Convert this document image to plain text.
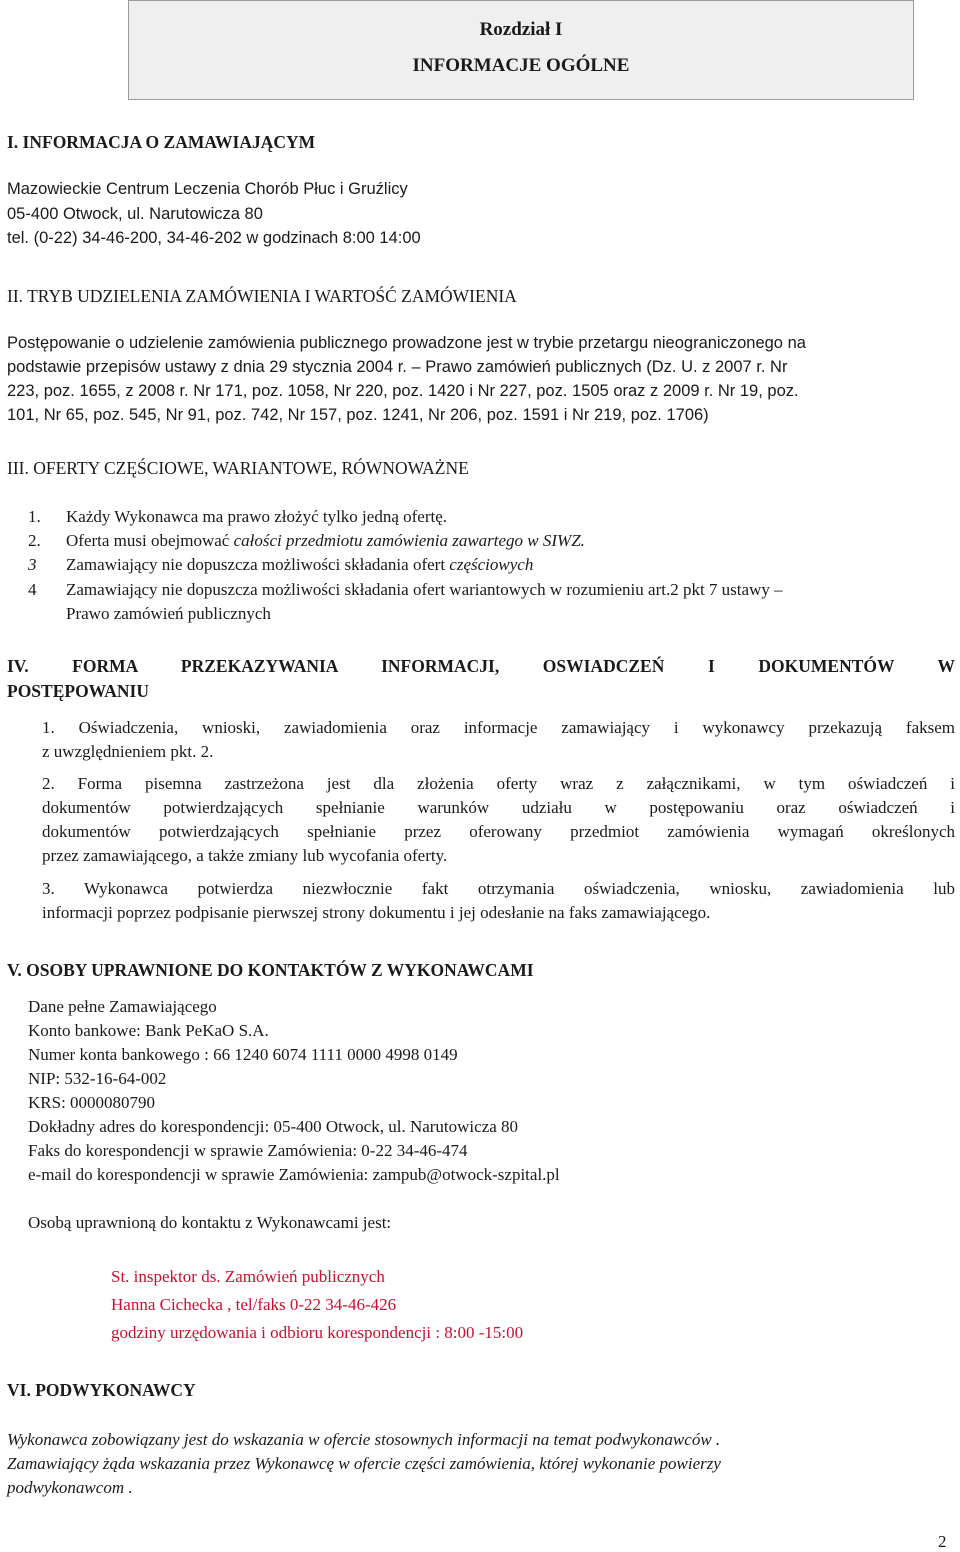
Rozdział I
INFORMACJE OGÓLNE
I. INFORMACJA O ZAMAWIAJĄCYM
Mazowieckie Centrum Leczenia Chorób Płuc i Gruźlicy
05-400 Otwock, ul. Narutowicza 80
tel. (0-22) 34-46-200, 34-46-202 w godzinach 8:00 14:00
II. TRYB UDZIELENIA ZAMÓWIENIA I WARTOŚĆ ZAMÓWIENIA
Postępowanie o udzielenie zamówienia publicznego prowadzone jest w trybie przetargu nieograniczonego na
podstawie przepisów ustawy z dnia 29 stycznia 2004 r. – Prawo zamówień publicznych (Dz. U. z 2007 r. Nr
223, poz. 1655, z 2008 r. Nr 171, poz. 1058, Nr 220, poz. 1420 i Nr 227, poz. 1505 oraz z 2009 r. Nr 19, poz.
101, Nr 65, poz. 545, Nr 91, poz. 742, Nr 157, poz. 1241, Nr 206, poz. 1591 i Nr 219, poz. 1706)
III. OFERTY CZĘŚCIOWE, WARIANTOWE, RÓWNOWAŻNE
1. Każdy Wykonawca ma prawo złożyć tylko jedną ofertę.
2. Oferta musi obejmować całości przedmiotu zamówienia zawartego w SIWZ.
3 Zamawiający nie dopuszcza możliwości składania ofert częściowych
4 Zamawiający nie dopuszcza możliwości składania ofert wariantowych w rozumieniu art.2 pkt 7 ustawy –
Prawo zamówień publicznych
IV. FORMA PRZEKAZYWANIA INFORMACJI, OSWIADCZEŃ I DOKUMENTÓW W
POSTĘPOWANIU
1. Oświadczenia, wnioski, zawiadomienia oraz informacje zamawiający i wykonawcy przekazują faksem
z uwzględnieniem pkt. 2.
2. Forma pisemna zastrzeżona jest dla złożenia oferty wraz z załącznikami, w tym oświadczeń i
dokumentów potwierdzających spełnianie warunków udziału w postępowaniu oraz oświadczeń i
dokumentów potwierdzających spełnianie przez oferowany przedmiot zamówienia wymagań określonych
przez zamawiającego, a także zmiany lub wycofania oferty.
3. Wykonawca potwierdza niezwłocznie fakt otrzymania oświadczenia, wniosku, zawiadomienia lub
informacji poprzez podpisanie pierwszej strony dokumentu i jej odesłanie na faks zamawiającego.
V. OSOBY UPRAWNIONE DO KONTAKTÓW Z WYKONAWCAMI
Dane pełne Zamawiającego
Konto bankowe: Bank PeKaO S.A.
Numer konta bankowego : 66 1240 6074 1111 0000 4998 0149
NIP: 532-16-64-002
KRS: 0000080790
Dokładny adres do korespondencji: 05-400 Otwock, ul. Narutowicza 80
Faks do korespondencji w sprawie Zamówienia: 0-22 34-46-474
e-mail do korespondencji w sprawie Zamówienia: zampub@otwock-szpital.pl
Osobą uprawnioną do kontaktu z Wykonawcami jest:
St. inspektor ds. Zamówień publicznych
Hanna Cichecka , tel/faks 0-22 34-46-426
godziny urzędowania i odbioru korespondencji : 8:00 -15:00
VI. PODWYKONAWCY
Wykonawca zobowiązany jest do wskazania w ofercie stosownych informacji na temat podwykonawców .
Zamawiający żąda wskazania przez Wykonawcę w ofercie części zamówienia, której wykonanie powierzy
podwykonawcom .
2
